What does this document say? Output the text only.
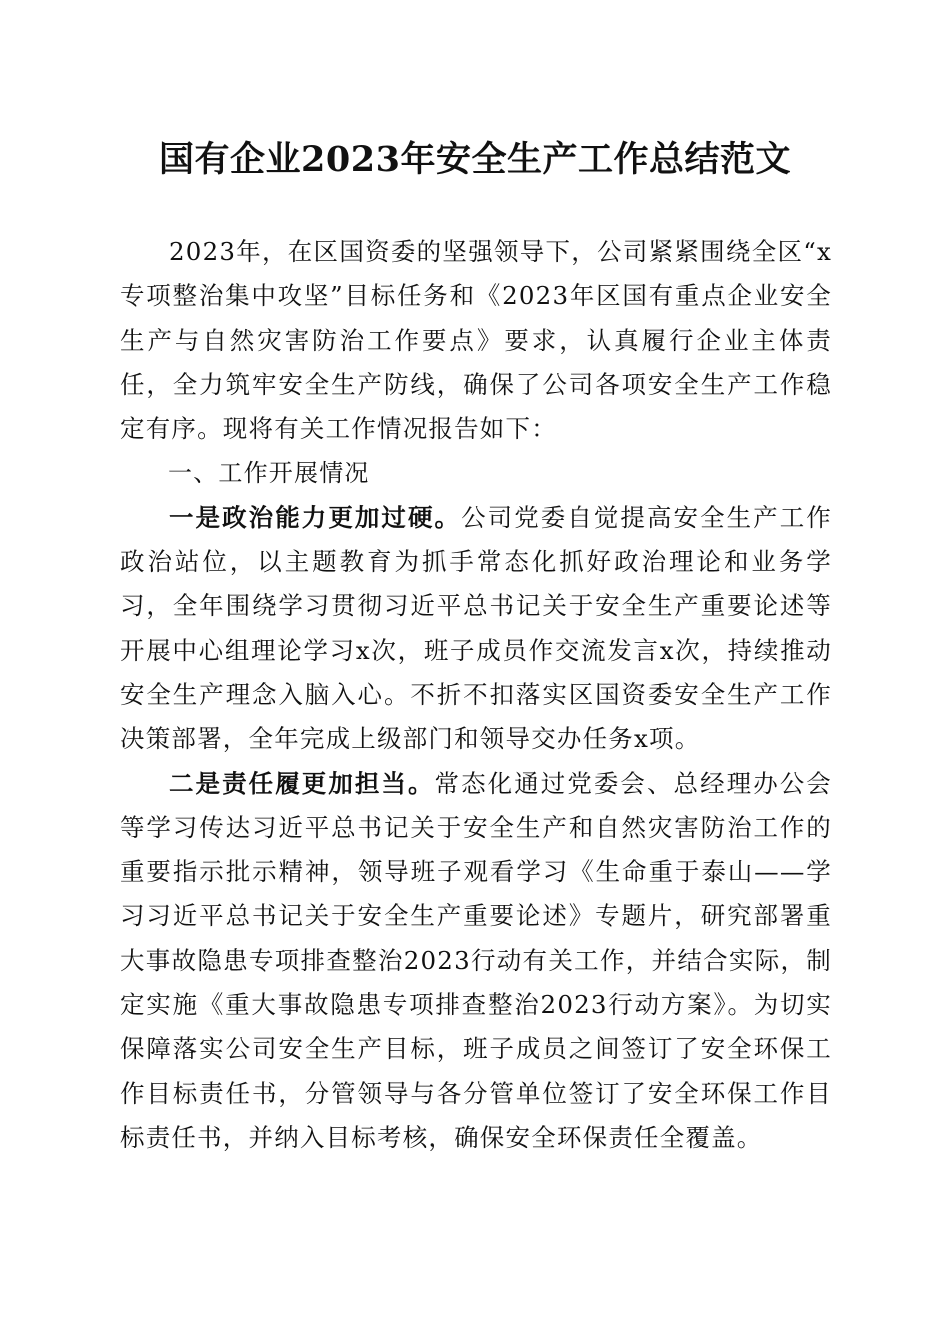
国有企业2023年安全生产工作总结范文

2023年，在区国资委的坚强领导下，公司紧紧围绕全区“x专项整治集中攻坚”目标任务和《2023年区国有重点企业安全生产与自然灾害防治工作要点》要求，认真履行企业主体责任，全力筑牢安全生产防线，确保了公司各项安全生产工作稳定有序。现将有关工作情况报告如下：

一、工作开展情况

一是政治能力更加过硬。公司党委自觉提高安全生产工作政治站位，以主题教育为抓手常态化抓好政治理论和业务学习，全年围绕学习贯彻习近平总书记关于安全生产重要论述等开展中心组理论学习x次，班子成员作交流发言x次，持续推动安全生产理念入脑入心。不折不扣落实区国资委安全生产工作决策部署，全年完成上级部门和领导交办任务x项。

二是责任履更加担当。常态化通过党委会、总经理办公会等学习传达习近平总书记关于安全生产和自然灾害防治工作的重要指示批示精神，领导班子观看学习《生命重于泰山——学习习近平总书记关于安全生产重要论述》专题片，研究部署重大事故隐患专项排查整治2023行动有关工作，并结合实际，制定实施《重大事故隐患专项排查整治2023行动方案》。为切实保障落实公司安全生产目标，班子成员之间签订了安全环保工作目标责任书，分管领导与各分管单位签订了安全环保工作目标责任书，并纳入目标考核，确保安全环保责任全覆盖。
